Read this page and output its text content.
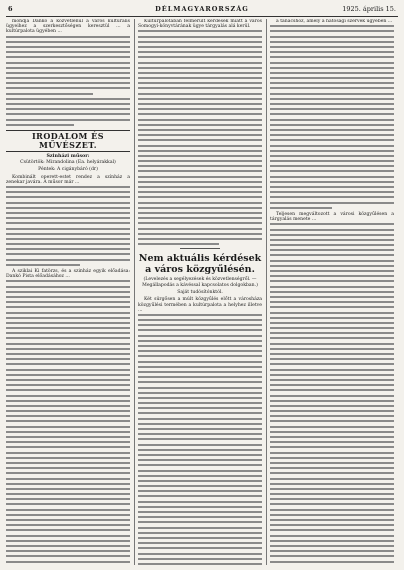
6	DÉLMAGYARORSZÁG	1925. április 15.

mondja Dankó a közvetlenül a város kulturális ügyeihez a szerkesztőségen keresztül ... a kultúrpalota ügyében ...

IRODALOM ÉS MŰVÉSZET.
Szinházi műsor:
Csütörtök: Mirandolina (Ea. helyárakkal)
Péntek: A cigánybáró (dr)

Kombinált operett-estet rendez a színház a zenekar javára. A műsor már ...

A sziklai Ki fatörzs, és a szinház egyik előadása: Dankó Pista előadásához ...

Kultúrpalotában felmerült kérdések miatt a város Somogyi-könyvtárának ügye tárgyalás alá kerül.

Nem aktuális kérdések a város közgyűlésén.
(Levelezés a segélyezések és közvetlenségről. — Megállapodás a kávéssal kapcsolatos dolgokban.)
Saját tudósítónktól.

Két sürgősen a múlt közgyűlés előtt a városháza közgyűlési termében a kultúrpalota a helyhez illetve ...

a tanácshoz, amely a hatósági szervek ügyében ...

Teljesen megváltozott a városi közgyűlésen a tárgyalás menete ...
